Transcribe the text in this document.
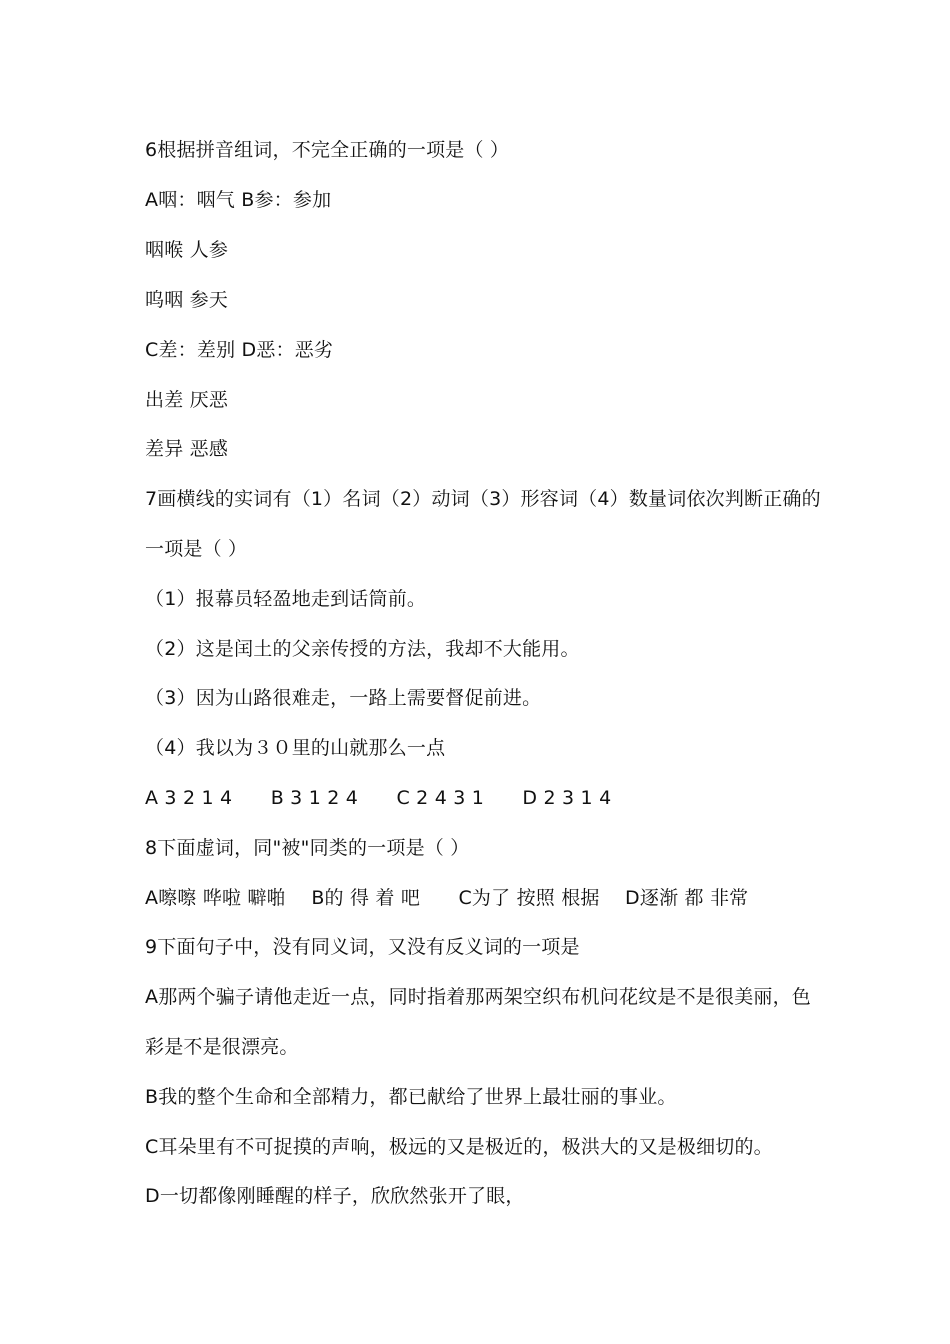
6根据拼音组词，不完全正确的一项是（ ）
A咽：咽气 B参：参加
咽喉 人参
呜咽 参天
C差：差别 D恶：恶劣
出差 厌恶
差异 恶感
7画横线的实词有（1）名词（2）动词（3）形容词（4）数量词依次判断正确的
一项是（ ）
（1）报幕员轻盈地走到话筒前。
（2）这是闰土的父亲传授的方法，我却不大能用。
（3）因为山路很难走，一路上需要督促前进。
（4）我以为３０里的山就那么一点
A 3 2 1 4　　B 3 1 2 4　　C 2 4 3 1　　D 2 3 1 4
8下面虚词，同"被"同类的一项是（ ）
A嚓嚓 哗啦 噼啪　 B的 得 着 吧　　C为了 按照 根据　 D逐渐 都 非常
9下面句子中，没有同义词，又没有反义词的一项是
A那两个骗子请他走近一点，同时指着那两架空织布机问花纹是不是很美丽，色
彩是不是很漂亮。
B我的整个生命和全部精力，都已献给了世界上最壮丽的事业。
C耳朵里有不可捉摸的声响，极远的又是极近的，极洪大的又是极细切的。
D一切都像刚睡醒的样子，欣欣然张开了眼，
